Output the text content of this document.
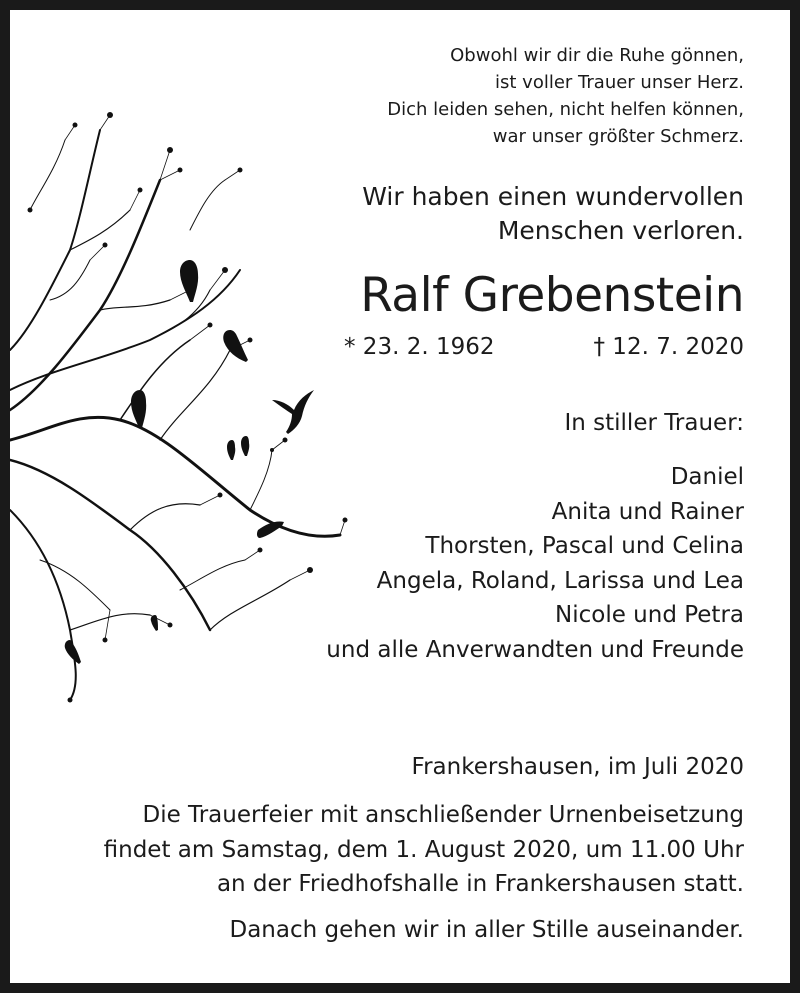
Obwohl wir dir die Ruhe gönnen,
ist voller Trauer unser Herz.
Dich leiden sehen, nicht helfen können,
war unser größter Schmerz.
Wir haben einen wundervollen
Menschen verloren.
Ralf Grebenstein
* 23. 2. 1962	† 12. 7. 2020
In stiller Trauer:
Daniel
Anita und Rainer
Thorsten, Pascal und Celina
Angela, Roland, Larissa und Lea
Nicole und Petra
und alle Anverwandten und Freunde
Frankershausen, im Juli 2020
Die Trauerfeier mit anschließender Urnenbeisetzung
findet am Samstag, dem 1. August 2020, um 11.00 Uhr
an der Friedhofshalle in Frankershausen statt.
Danach gehen wir in aller Stille auseinander.
